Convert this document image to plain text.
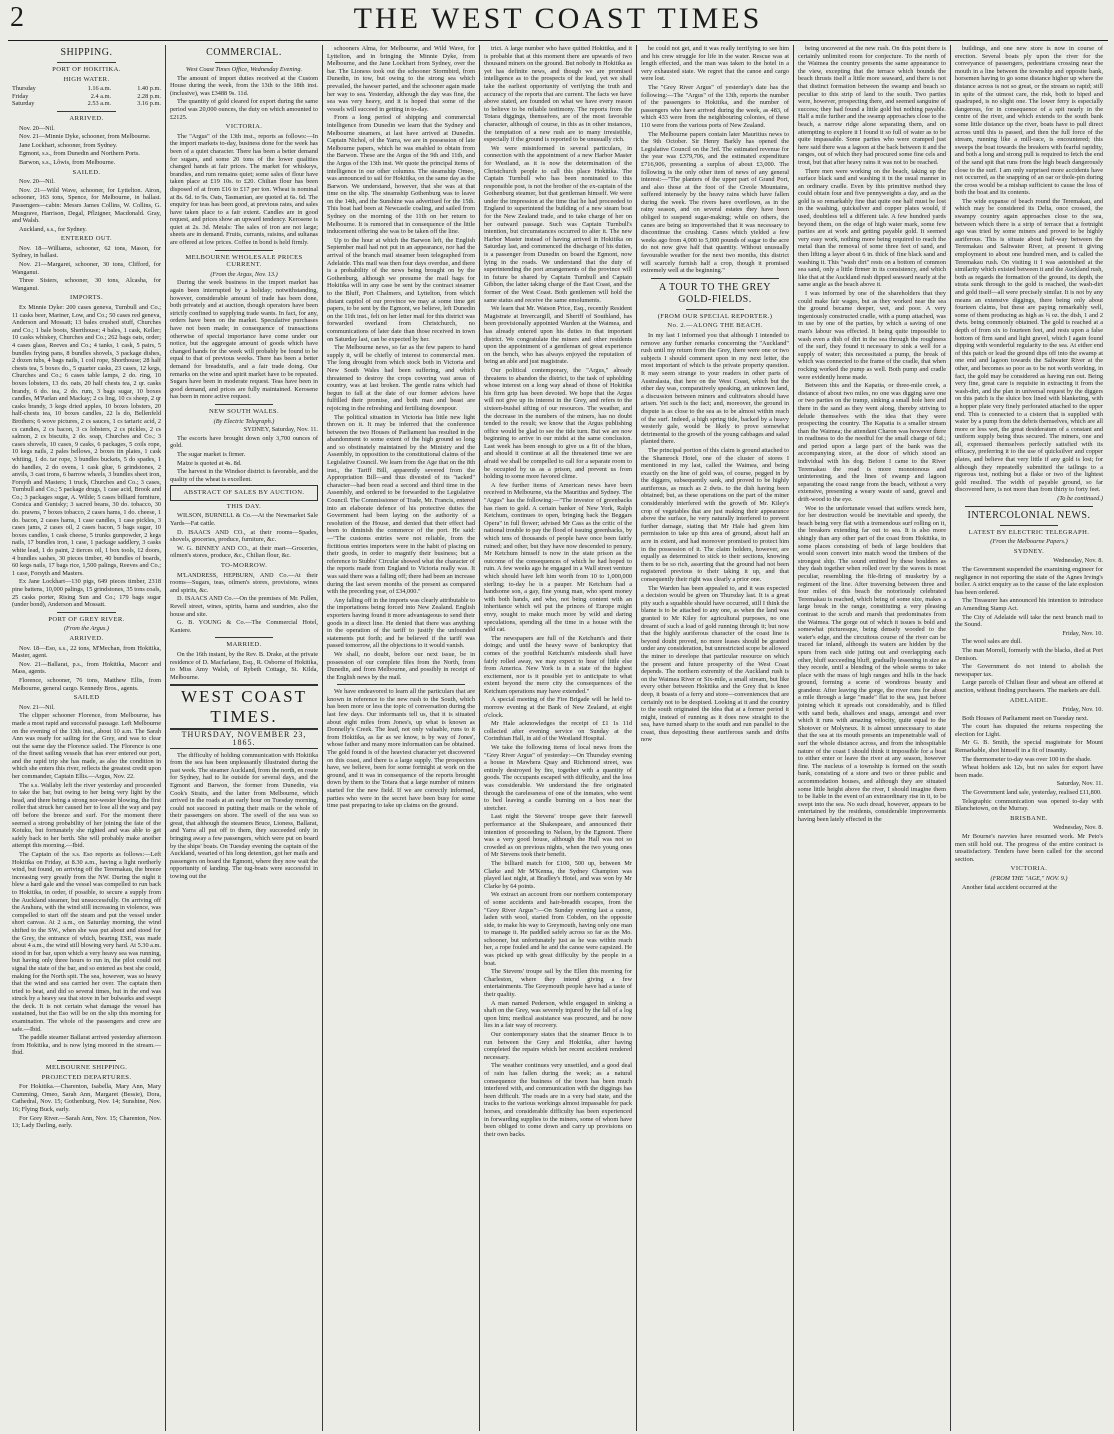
2	THE WEST COAST TIMES

SHIPPING.

PORT OF HOKITIKA.

HIGH WATER.

Thursday	1.16 a.m.	1.40 p.m.
Friday	2.4 a.m.	2.28 p.m.
Saturday	2.53 a.m.	3.16 p.m.

ARRIVED.

Nov. 20—Nil.

Nov. 21—Minnie Dyke, schooner, from Melbourne.

Jane Lockhart, schooner, from Sydney.

Egmont, s.s., from Dunedin and Northern Ports.

Barwon, s.s., Lôwis, from Melbourne.

SAILED.

Nov. 20—Nil.

Nov. 21—Wild Wave, schooner, for Lyttelton. Airon, schooner, 163 tons, Spence, for Melbourne, in ballast. Passengers—cabin: Messrs James Collins, W. Collins, G. Musgrave, Harrison, Degal, Pflzigner, Macdonald. Gray, and Walsh.

Auckland, s.s., for Sydney.

ENTERED OUT.

Nov. 18—Williams, schooner, 62 tons, Mason, for Sydney, in ballast.

Nov. 21—Margaret, schooner, 30 tons, Clifford, for Wanganui.

Three Sisters, schooner, 30 tons, Alcasha, for Wanganui.

IMPORTS.

Ex Minnie Dyke: 200 cases geneva, Turnbull and Co.; 11 casks beer, Mariner, Low, and Co.; 50 cases red geneva, Anderson and Mossatt; 13 bales crushed stuff, Churches and Co.; 1 bale boots, Sherthouse; 4 bales, 1 cask, Keller; 10 casks whiskey, Churches and Co.; 262 bags oats, order; 4 cases glass, Reeves and Co.; 4 tanks, 1 cask, 5 pairs, 5 bundles frying pans, 8 bundles shovels, 3 package dishes, 2 dozen tubs, 4 bags nails, 1 coil rope, Shorthouse; 28 half chests tea, 5 boxes do., 5 quarter casks, 23 cases, 12 kegs, Churches and Co.; 6 cases table lamps, 2 do. ring, 10 boxes lobsters, 13 do. oats, 20 half chests tea, 2 qr. casks brandy, 6 do. tea, 2 do. rum, 3 bags sugar, 10 boxes candles, M'Parlan and Mackay; 2 cs ling, 10 cs sheep, 2 qr casks brandy, 3 kegs dried apples, 10 boxes lobsters, 20 half-chests tea, 10 boxes candles, 22 ls do, Bellenfeld Brothers; 6 wove pictures, 2 cs sauces, 1 cs tartaric acid, 2 cs candies, 2 cs bacon, 3 cs lobsters, 2 cs pickles, 2 cs salmon, 2 cs biscuits, 2 do. soap, Churches and Co.; 3 cases shovels, 10 cases, 9 casks, 6 packages, 5 coils rope, 10 kegs nails, 2 pales bellows, 2 boxes tin plates, 1 cask whiting, 1 do. tar rope, 3 bundles buckets, 5 do spades, 1 do handles, 2 do ovens, 1 cask glue, 6 grindstones, 2 anvils, 3 cast irons, 6 barrow wheels, 3 bundles sheet iron, Forsyth and Masters; 1 truck, Churches and Co.; 3 cases, Turnbull and Co.; 5 package drugs, 1 case acid, Brook and Co.; 3 packages sugar, A. Wilde; 5 cases billiard furniture, Corsica and Gunisky; 3 sacred beans, 30 do. tobacco, 30 do. prawns, 7 boxes tobacco, 2 cases hams, 1 do. cheese, 1 do. bacon, 2 cases hams, 1 case candles, 1 case pickles, 3 cases jams, 2 cases oil, 2 cases bacon, 5 bags sugar, 10 boxes candles, 1 cask cheese, 5 trunks gunpowder, 2 kegs nails, 17 bundles iron, 1 case, 1 package saddlery, 3 casks white lead, 1 do paint, 2 tierces oil, 1 box tools, 12 doors, 4 bundles sashes, 30 pieces timber, 40 bundles of boards, 60 kegs nails, 17 bags rice, 1,500 palings, Reeves and Co.; 1 case, Forsyth and Masters.

Ex Jane Lockhart—130 pigs, 649 pieces timber, 2318 pine battens, 10,000 palings, 15 grindstones, 35 tons coals, 25 casks porter, Rising Sun and Co.; 179 bags sugar (under bond), Anderson and Mossatt.

PORT OF GREY RIVER.

(From the Argus.)

ARRIVED.

Nov. 18—Eso, s.s., 22 tons, M'Mechan, from Hokitika, Master, agent.

Nov. 21—Ballarat, p.s., from Hokitika, Macorr and Mass, agents.

Florence, schooner, 76 tons, Matthew Ellis, from Melbourne, general cargo. Kennedy Bros., agents.

SAILED

Nov. 21—Nil.

The clipper schooner Florence, from Melbourne, has made a most rapid and successful passage. Left Melbourne on the evening of the 13th inst., about 10 a.m. The Sarah Ann was ready for sailing for the Grey, and was to clear out the same day the Florence sailed. The Florence is one of the finest sailing vessels that has ever entered our port, and the rapid trip she has made, as also the condition in which she enters this river, reflects the greatest credit upon her commander, Captain Ellis.—Argus, Nov. 22.

The s.s. Wallaby left the river yesterday and proceeded to take the bar, but owing to her being very light by the head, and there being a strong nor-wester blowing, the first roller that struck her caused her to lose all the way and pay off before the breeze and surf. For the moment there seemed a strong probability of her joining the fate of the Kotuku, but fortunately she righted and was able to get safely back to her berth. She will probably make another attempt this morning.—Ibid.

The Captain of the s.s. Eso reports as follows:—Left Hokitika on Friday, at 8.30 a.m., having a light northerly wind, but found, on arriving off the Teremakau, the breeze increasing very greatly from the NW. During the night it blew a hard gale and the vessel was compelled to run back to Hokitika, in order, if possible, to secure a supply from the Auckland steamer, but unsuccessfully. On arriving off the Arahura, with the wind still increasing in violence, was compelled to start off the steam and put the vessel under short canvas. At 2 a.m., on Saturday morning, the wind shifted to the SW., when she was put about and stood for the Grey, the entrance of which, bearing ESE, was made about 4 a.m., the wind still blowing very hard. At 5.30 a.m. stood in for bar, upon which a very heavy sea was running, but having only three hours to run in, the pilot could not signal the state of the bar, and so entered as best she could, making for the North spit. The sea, however, was so heavy that the wind and sea carried her over. The captain then tried to beat, and did so several times, but in the end was struck by a heavy sea that stove in her bulwarks and swept the deck. It is not certain what damage the vessel has sustained, but the Eso will be on the slip this morning for examination. The whole of the passengers and crew are safe.—Ibid.

The paddle steamer Ballarat arrived yesterday afternoon from Hokitika, and is now lying moored in the stream.—Ibid.

MELBOURNE SHIPPING.

PROJECTED DEPARTURES.

For Hokitika.—Charenton, Isabella, Mary Ann, Mary Cumming, Omeo, Sarah Ann, Margaret (Bessie), Dora, Cathedral, Nov. 15; Gothenburg, Nov. 14; Sunshine, Nov. 16; Flying Buck, early.

For Grey River.—Sarah Ann, Nov. 15; Charenton, Nov. 13; Lady Darling, early.

COMMERCIAL.

West Coast Times Office, Wednesday Evening.

The amount of import duties received at the Custom House during the week, from the 13th to the 18th inst. (inclusive), was £3488 9s. 11d.

The quantity of gold cleared for export during the same period was 20,000 ounces, the duty on which amounted to £2125.

VICTORIA.

The "Argus" of the 13th inst., reports as follows:—In the import markets to-day, business done for the week has been of a quiet character. There has been a better demand for sugars, and some 20 tons of the lower qualities changed hands at fair prices. The market for whiskeys, brandies, and rum remains quiet; some sales of flour have taken place at £19 10s. to £20. Chilian flour has been disposed of at from £16 to £17 per ton. Wheat is nominal at 8s. 6d. to 9s. Oats, Tasmanian, are quoted at 6s. 6d. The enquiry for teas has been good, at previous rates, and sales have taken place to a fair extent. Candles are in good request, and prices show an upward tendency. Kerosene is quiet at 2s. 3d. Metals: The sales of iron are not large; sheets are in demand. Fruits, currants, raisins, and sultanas are offered at low prices. Coffee in bond is held firmly.

MELBOURNE WHOLESALE PRICES CURRENT.

(From the Argus, Nov. 13.)

During the week business in the import market has again been interrupted by a holiday; notwithstanding, however, considerable amount of trade has been done, both privately and at auction, though operators have been strictly confined to supplying trade wants. In fact, for any, orders have been on the market. Speculative purchases have not been made; in consequence of transactions otherwise of special importance have come under our notice, but the aggregate amount of goods which have changed hands for the week will probably be found to be equal to that of previous weeks. There has been a better demand for breadstuffs, and a fair trade doing. Our remarks on the wine and spirit market have to be repeated. Sugars have been in moderate request. Teas have been in good demand, and prices are fully maintained. Kerosene has been in more active request.

NEW SOUTH WALES.

(By Electric Telegraph.)

SYDNEY, Saturday, Nov. 11.

The escorts have brought down only 3,700 ounces of gold.

The sugar market is firmer.

Maize is quoted at 4s. 8d.

The harvest in the Windsor district is favorable, and the quality of the wheat is excellent.

ABSTRACT OF SALES BY AUCTION.

THIS DAY.

WILSON, BURNELL & Co.—At the Newmarket Sale Yards—Fat cattle.

D. ISAACS AND CO., at their rooms—Spades, shovels, groceries, produce, furniture, &c.

W. G. BINNEY AND CO., at their mart—Groceries, oilmen's stores, produce, &c., Chilian flour, &c.

TO-MORROW.

M'LANDRESS, HEPBURN, AND Co.—At their rooms—Sugars, teas, oilmen's stores, provisions, wines and spirits, &c.

D. ISAACS AND Co.—On the premises of Mr. Pullen, Revell street, wines, spirits, hams and sundries, also the house and site.

G. B. YOUNG & Co.—The Commercial Hotel, Kaniere.

MARRIED.

On the 16th instant, by the Rev. B. Drake, at the private residence of D. Macfarlane, Esq., R. Osborne of Hokitika, to Miss Amy Walsh, of Rybeth Cottage, St. Kilda, Melbourne.

WEST COAST TIMES.

THURSDAY, NOVEMBER 23, 1865.

The difficulty of holding communication with Hokitika from the sea has been unpleasantly illustrated during the past week. The steamer Auckland, from the north, en route for Sydney, had to lie outside for several days, and the Egmont and Barwon, the former from Dunedin, via Cook's Straits, and the latter from Melbourne, which arrived in the roads at an early hour on Tuesday morning, could not succeed in putting their mails or the whole of their passengers on shore. The swell of the sea was so great, that although the steamers Bruce, Lioness, Ballarat, and Yarra all put off to them, they succeeded only in bringing away a few passengers, which were put on board by the ships' boats. On Tuesday evening the captain of the Auckland, wearied of his long detention, got her mails and passengers on board the Egmont, where they now wait the opportunity of landing. The tug-boats were successful in towing out the

schooners Alma, for Melbourne, and Wild Wave, for Lyttelton, and in bringing the Minnie Dyke, from Melbourne, and the Jane Lockhart from Sydney, over the bar. The Lioness took out the schooner Stormbird, from Dunedin, in tow, but owing to the strong sea which prevailed, the hawser parted, and the schooner again made her way to sea. Yesterday, although the day was fine, the sea was very heavy, and it is hoped that some of the vessels will succeed in getting in to-day.

From a long period of shipping and commercial intelligence from Dunedin we learn that the Sydney and Melbourne steamers, at last have arrived at Dunedin. Captain Nichol, of the Yarra, we are in possession of late Melbourne papers, which he was enabled to obtain from the Barwon. These are the Argus of the 9th and 11th, and the Argus of the 13th inst. We quote the principal items of intelligence in our other columns. The steamship Omeo, was announced to sail for Hokitika, on the same day as the Barwon. We understand, however, that she was at that time on the slip. The steamship Gothenburg was to leave on the 14th, and the Sunshine was advertised for the 15th. This boat had been at Newcastle coaling, and sailed from Sydney on the morning of the 11th on her return to Melbourne. It is rumored that in consequence of the little inducement offering she was to be taken off the line.

Up to the hour at which the Barwon left, the English September mail had not put in an appearance, nor had the arrival of the branch mail steamer been telegraphed from Adelaide. This mail was then four days overdue, and there is a probability of the news being brought on by the Gothenburg, although we presume the mail bags for Hokitika will in any case be sent by the contract steamer to the Bluff, Port Chalmers, and Lyttelton, from which distant capitol of our province we may at some time get papers, to be sent by the Egmont, we believe, left Dunedin on the 11th inst., felt on her letter mail for this district was forwarded overland from Christchurch, no communications of later date than those received in town on Saturday last, can be expected by her.

The Melbourne news, so far as the few papers to hand supply it, will be chiefly of interest to commercial men. The long drought from which stock both in Victoria and New South Wales had been suffering, and which threatened to destroy the crops covering vast areas of country, was at last broken. The gentle rains which had begun to fall at the date of our former advices have fulfilled their promise, and both man and beast are rejoicing in the refreshing and fertilising downpour.

The political situation in Victoria has little new light thrown on it. It may be inferred that the conference between the two Houses of Parliament has resulted in the abandonment to some extent of the high ground so long and so obstinately maintained by the Ministry and the Assembly, in opposition to the constitutional claims of the Legislative Council. We learn from the Age that on the 8th inst., the Tariff Bill, apparently severed from the Appropriation Bill—and thus divested of its "tacked" character—had been read a second and third time in the Assembly, and ordered to be forwarded to the Legislative Council. The Commissioner of Trade, Mr. Francis, entered into an elaborate defence of his protective duties the Government had been laying on the authority of a resolution of the House, and denied that their effect had been to diminish the commerce of the port. He said:—"The customs entries were not reliable, from the fictitious entries importers were in the habit of placing on their goods, in order to magnify their business; but a reference to Stubbs' Circular showed what the character of the reports made from England to Victoria really was. It was said there was a falling off; there had been an increase during the last seven months of the present as compared with the preceding year, of £34,000."

Any falling off in the imports was clearly attributable to the importations being forced into New Zealand. English exporters having found it more advantageous to send their goods in a direct line. He denied that there was anything in the operation of the tariff to justify the unfounded statements put forth; and he believed if the tariff was passed tomorrow, all the objections to it would vanish.

We shall, no doubt, before our next issue, be in possession of our complete files from the North, from Dunedin, and from Melbourne, and possibly in receipt of the English news by the mail.

We have endeavored to learn all the particulars that are known in reference to the new rush to the South, which has been more or less the topic of conversation during the last few days. Our informants tell us, that it is situated about eight miles from Jones's, up what is known as Donnelly's Creek. The lead, not only valuable, runs to it from Hokitika, as far as we know, is by way of Jones', whose father and many more information can be obtained. The gold found is of the heaviest character yet discovered on this coast, and there is a large supply. The prospectors have, we believe, been for some fortnight at work on the ground, and it was in consequence of the reports brought down by them to the Totara that a large number of miners started for the new field. If we are correctly informed, parties who were in the secret have been busy for some time past preparing to take up claims on the ground.

trict. A large number who have quitted Hokitika, and it is probable that at this moment there are upwards of two thousand miners on the ground. But nobody in Hokitika as yet has definite news, and though we are promised intelligence as to the prospects of the lead, yet we shall take the earliest opportunity of verifying the truth and accuracy of the reports that are current. The facts we have above stated, are founded on what we have every reason to believe to be reliable testimony. The reports from the Totara diggings, themselves, are of the most favorable character, although of course, in this as in other instances, the temptation of a new rush are to many irresistible, especially if the ground is reported to be unusually rich.

We were misinformed in several particulars, in connection with the appointment of a new Harbor Master for Westland, as it is now the determination of the Christchurch people to call this place Hokitika. The Captain Turnbull who has been nominated to this responsible post, is not the brother of the ex-captain of the Gothenburg steamer, but that gentleman himself. We were under the impression at the time that he had proceeded to England to superintend the building of a new steam boat for the New Zealand trade, and to take charge of her on her outward passage. Such was Captain Turnbull's intention, but circumstances occurred to alter it. The new Harbor Master instead of having arrived in Hokitika on Saturday last, and commenced the discharge of his duties, is a passenger from Dunedin on board the Egmont, now lying in the roads. We understand that the duty of superintending the port arrangements of the province will in future be shared by Captain Turnbull and Captain Gibbon, the latter taking charge of the East Coast, and the former of the West Coast. Both gentlemen will hold the same status and receive the same emoluments.

We learn that Mr. Watson Price, Esq., recently Resident Magistrate at Invercargill, and Sheriff of Southland, has been provisionally appointed Warden at the Waimea, and has already entered upon his duties in that important district. We congratulate the miners and other residents upon the appointment of a gentleman of great experience on the bench, who has always enjoyed the reputation of being an able and just magistrate.

Our political contemporary, the "Argus," already threatens to abandon the district, to the task of upholding whose interest on a long way ahead of those of Hokitika his firm grip has been devoted. We hope that the Argus will not give up its interest in the Grey, and refers to the sixteen-bushel sifting of our resources. The weather, and the decrease in the numbers of the miners, has no doubt tended to the result; we know that the Argus publishing office would be glad to see the tide turn. But we are now beginning to arrive in our midst at the same conclusion. Last week has been enough to give us a fit of the blues, and should it continue at all the threatened time we are afraid we shall be compelled to call for a separate room to be occupied by us as a prison, and prevent us from holding to some more favored clime.

A few further items of American news have been received in Melbourne, via the Mauritius and Sydney. The "Argus" has the following:—"The investor of greenbacks has risen to gold. A certain banker of New York, Ralph Ketchum, continues to open, bringing back the Beggars Opera" in full flower; advised Mr Cass as the critic of the national trouble to pay the flood of issuing greenbacks, by which tens of thousands of people have once been fairly ruined; and other, but they have now descended to penury. Mr Ketchum himself is now in the state prison as the outcome of the consequences of which he had hoped to ruin. A few weeks ago he engaged in a Wall street venture which should have left him worth from 10 to 1,000,000 sterling; to-day he is a pauper. Mr Ketchum had a handsome son, a gay, fine young man, who spent money with both hands, and who, not being content with an inheritance which wil put the princes of Europe might envy, sought to make much more by wild and daring speculations, spending all the time in a house with the wild cat.

The newspapers are full of the Ketchum's and their doings; and until the heavy wave of bankruptcy that comes of the youthful Ketchum's misdeeds shall have fairly rolled away, we may expect to hear of little else from America. New York is in a state of the highest excitement, nor is it possible yet to anticipate to what extent beyond the mere city the consequences of the Ketchum operations may have extended."

A special meeting of the Fire Brigade will be held to-morrow evening at the Bank of New Zealand, at eight o'clock.

Mr Hale acknowledges the receipt of £1 1s 11d collected after evening service on Sunday at the Corinthian Hall, in aid of the Westland Hospital.

We take the following items of local news from the "Grey River Argus" of yesterday:—On Thursday evening a house in Mawhera Quay and Richmond street, was entirely destroyed by fire, together with a quantity of goods. The occupants escaped with difficulty, and the loss was considerable. We understand the fire originated through the carelessness of one of the inmates, who went to bed leaving a candle burning on a box near the stretcher.

Last night the Stevens' troupe gave their farewell performance at the Shakespeare, and announced their intention of proceeding to Nelson, by the Egmont. There was a very good house, although the Hall was not so crowded as on previous nights, when the two young ones of Mr Stevens took their benefit.

The billiard match for £100, 500 up, between Mr Clarke and Mr M'Kenna, the Sydney Champion was played last night, at Bradley's Hotel, and was won by Mr Clarke by 64 points.

We extract an account from our northern contemporary of some accidents and hair-breadth escapes, from the "Grey River Argus":—On Sunday evening last a canoe, laden with wool, started from Cobden, on the opposite side, to make his way to Greymouth, having only one man to manage it. He paddled safely across so far as the Mo. schooner, but unfortunately just as he was within reach her, a rope fouled and he and the canoe were capsized. He was picked up with great difficulty by the people in a boat.

The Stevens' troupe sail by the Ellen this morning for Charleston, where they intend giving a few entertainments. The Greymouth people have had a taste of their quality.

A man named Pederson, while engaged in sinking a shaft on the Grey, was severely injured by the fall of a log upon him; medical assistance was procured, and he now lies in a fair way of recovery.

Our contemporary states that the steamer Bruce is to run between the Grey and Hokitika, after having completed the repairs which her recent accident rendered necessary.

The weather continues very unsettled, and a good deal of rain has fallen during the week; as a natural consequence the business of the town has been much interfered with, and communication with the diggings has been difficult. The roads are in a very bad state, and the tracks to the various workings almost impassable for pack horses, and considerable difficulty has been experienced in forwarding supplies to the miners, some of whom have been obliged to come down and carry up provisions on their own backs.

he could not get, and it was really terrifying to see him and his crew struggle for life in the water. Rescue was at length effected, and the man was taken to the hotel in a very exhausted state. We regret that the canoe and cargo were lost.

The "Grey River Argus" of yesterday's date has the following:—The "Argus" of the 13th, reports the number of the passengers to Hokitika, and the number of passengers who have arrived during the week, as 483, of which 433 were from the neighbouring colonies, of these 110 were from the various ports of New Zealand.

The Melbourne papers contain later Mauritius news to the 9th October. Sir Henry Barkly has opened the Legislative Council on the 3rd. The estimated revenue for the year was £379,706, and the estimated expenditure £716,906, presenting a surplus of about £3,000. The following is the only other item of news of any general interest:—"The planters of the upper part of Grand Port, and also those at the foot of the Creole Mountains, suffered intensely by the heavy rains which have fallen during the week. The rivers have overflown, as in the rainy season, and on several estates they have been obliged to suspend sugar-making; while on others, the canes are being so impoverished that it was necessary to discontinue the crushing. Canes which yielded a few weeks ago from 4,000 to 5,000 pounds of sugar to the acre do not now give half that quantity. Without unusually favourable weather for the next two months, this district will scarcely furnish half a crop, though it promised extremely well at the beginning."

A TOUR TO THE GREY GOLD-FIELDS.

(FROM OUR SPECIAL REPORTER.)

No. 2.—ALONG THE BEACH.

In my last I informed you that although I intended to remove any further remarks concerning the "Auckland" rush until my return from the Grey, there were one or two subjects I should comment upon in my next letter, the most important of which is the private property question. It may seem strange to your readers in other parts of Australasia, that here on the West Coast, which but the other day was, comparatively speaking, an unknown land, a discussion between miners and cultivators should have arisen. Yet such is the fact; and, moreover, the ground in dispute is as close to the sea as to be almost within reach of the surf. Indeed, a high spring tide, backed by a heavy westerly gale, would be likely to prove somewhat detrimental to the growth of the young cabbages and salad planted there.

The principal portion of this claim is ground attached to the Shamrock Hotel, one of the cluster of stores I mentioned in my last, called the Waimea, and being exactly on the line of gold was, of course, pegged in by the diggers, subsequently sank, and proved to be highly auriferous, as much as 2 dwts. to the dish having been obtained; but, as these operations on the part of the miner considerably interfered with the growth of Mr. Kiley's crop of vegetables that are just making their appearance above the surface, he very naturally interfered to prevent further damage, stating that Mr Hale had given him permission to take up this area of ground, about half an acre in extent, and had moreover promised to protect him in the possession of it. The claim holders, however, are equally as determined to stick to their sections, knowing them to be so rich, asserting that the ground had not been registered previous to their taking it up, and that consequently their right was clearly a prior one.

The Warden has been appealed to, and it was expected a decision would be given on Thursday last. It is a great pity such a squabble should have occurred, still I think the blame is to be attached to any one, as when the land was granted to Mr Kiley for agricultural purposes, no one dreamt of such a load of gold running through it; but now that the highly auriferous character of the coast line is beyond doubt proved, no more leases should be granted under any consideration, but unrestricted scope be allowed the miner to develope that particular resource on which the present and future prosperity of the West Coast depends. The northern extremity of the Auckland rush is on the Waimea River or Six-mile, a small stream, but like every other between Hokitika and the Grey that is knee deep, it boasts of a ferry and store—conveniences that are certainly not to be despised. Looking at it and the country to the south originated the idea that at a former period it might, instead of running as it does now straight to the sea, have turned sharp to the south and run parallel to the coast, thus depositing these auriferous sands and drifts now

being uncovered at the new rush. On this point there is certainly unlimited room for conjecture. To the north of the Waimea the country presents the same appearance to the view, excepting that the terrace which bounds the beach thrusts itself a little more seaward, and there is not that distinct formation between the swamp and beach so peculiar to this strip of land to the south. Two parties were, however, prospecting there, and seemed sanguine of success; they had found a little gold but nothing payable. Half a mile further and the swamp approaches close to the beach, a narrow ridge alone separating them, and on attempting to explore it I found it so full of water as to be quite impassable. Some parties who were cramped just here said there was a lagoon at the back between it and the ranges, out of which they had procured some fine cels and trout, but that after heavy rains it was not to be reached.

There men were working on the beach, taking up the surface black sand and washing it in the usual manner in an ordinary cradle. Even by this primitive method they could obtain four and five pennyweights a day, and as the gold is so remarkably fine that quite one half must be lost in the washing, quicksilver and copper plates would, if used, doubtless tell a different tale. A few hundred yards beyond them, on the edge of high water mark, some few parties are at work and getting payable gold. It seemed very easy work, nothing more being required to reach the metal than the removal of some three feet of sand, and then lifting a layer about 6 in. thick of fine black sand and washing it. This "wash dirt" rests on a bottom of common sea sand, only a little firmer in its consistency, and which like that at the Auckland rush dipped seaward nearly at the same angle as the beach above it.

I was informed by one of the shareholders that they could make fair wages, but as they worked near the sea the ground became deeper, wet, and poor. A very ingeniously constructed cradle, with a pump attached, was in use by one of the parties, by which a saving of one man's labour was effected. It being quite impossible to wash even a dish of dirt in the sea through the roughness of the surf, they found it necessary to sink a well for a supply of water; this necessitated a pump, the break of which was connected to the frame of the cradle, that when rocking worked the pump as well. Both pump and cradle were evidently home made.

Between this and the Kapatia, or three-mile creek, a distance of about two miles, no one was digging save one or two parties on the tramp, sinking a small hole here and there in the sand as they went along, thereby striving to delude themselves with the idea that they were prospecting the country. The Kapatia is a smaller stream than the Waimea; the attendant Charon was however there in readiness to do the needful for the small charge of 6d.; and period upon a large part of the bank was the accompanying store, at the door of which stood an individual with his dog. Before I came to the River Teremakau the road is more monotonous and uninteresting, and the lines of swamp and lagoon separating the coast range from the beach, without a very extensive, presenting a weary waste of sand, gravel and drift-wood to the eye.

Woe to the unfortunate vessel that suffers wreck here, for her destruction would be inevitable and speedy, the beach being very flat with a tremendous surf rolling on it, the breakers extending far out to sea. It is also more shingly than any other part of the coast from Hokitika, in some places consisting of beds of large boulders that would soon convert into match wood the timbers of the strongest ship. The sound emitted by these boulders as they dash together when rolled over by the waves is most peculiar, resembling the file-firing of musketry by a regiment of the line. After traversing between three and four miles of this beach the notoriously celebrated Teremakau is reached, which being of some size, makes a large break in the range, constituting a very pleasing contrast to the scrub and marsh that predominates from the Waimea. The gorge out of which it issues is bold and somewhat picturesque, being densely wooded to the water's edge, and the circuitous course of the river can be traced far inland, although its waters are hidden by the spurs from each side jutting out and overlapping each other, bluff succeeding bluff, gradually lessening in size as they recede, until a blending of the whole seems to take place with the mass of high ranges and hills in the back ground, forming a scene of wondrous beauty and grandeur. After leaving the gorge, the river runs for about a mile through a large "made" flat to the sea, just before joining which it spreads out considerably, and is filled with sand beds, shallows and snags, amongst and over which it runs with amazing velocity, quite equal to the Shotover or Molyneux. It is almost unnecessary to state that the sea at its mouth presents an impenetrable wall of surf the whole distance across, and from the inhospitable nature of the coast I should think it impossible for a boat to either enter or leave the river at any season, however fine. The nucleus of a township is formed on the south bank, consisting of a store and two or three public and accommodation houses, and although they are situated some little height above the river, I should imagine them to be liable in the event of an extraordinary rise in it, to be swept into the sea. No such dread, however, appears to be entertained by the residents, considerable improvements having been lately effected in the

buildings, and one new store is now in course of erection. Several boats ply upon the river for the conveyance of passengers, pedestrians crossing near the mouth in a line between the township and opposite bank, horsemen having to go some distance higher up where the distance across is not so great, or the stream so rapid; still in spite of the utmost care, the risk, both to biped and quadruped, is no slight one. The lower ferry is especially dangerous, for in consequence of a spit nearly in the centre of the river, and which extends to the south bank some little distance up the river, boats have to pull direct across until this is passed, and then the full force of the stream, running like a mill-race, is encountered; this sweeps the boat towards the breakers with fearful rapidity, and both a long and strong pull is required to fetch the end of the sand spit that runs from the high beach dangerously close to the surf. I am only surprised more accidents have not occurred, as the snapping of an oar or thole-pin during the cross would be a mishap sufficient to cause the loss of both the boat and its contents.

The wide expanse of beach round the Teremakau, and which may be considered its Delta, once crossed, the swampy country again approaches close to the sea, between which there is a strip of terrace that a fortnight ago was tried by some miners and proved to be highly auriferous. This is situate about half-way between the Teremakau and Saltwater River, at present it giving employment to about one hundred men, and is called the Teremakau rush. On visiting it I was astonished at the similarity which existed between it and the Auckland rush, both as regards the formation of the ground, its depth, the strata sunk through to the gold is reached, the wash-dirt and gold itself—all were precisely similar. It is not by any means an extensive diggings, there being only about fourteen claims, but these are paying remarkably well, some of them producing as high as ¼ oz. the dish, 1 and 2 dwts. being commonly obtained. The gold is reached at a depth of from six to fourteen feet, and rests upon a false bottom of firm sand and light gravel, which I again found dipping with wonderful regularity to the sea. At either end of this patch or lead the ground dips off into the swamp at one end and lagoon towards the Saltwater River at the other, and becomes so poor as to be not worth working, in fact, the gold may be considered as having run out. Being very fine, great care is requisite in extracting it from the wash-dirt, and the plan in universal request by the diggers on this patch is the sluice box lined with blanketing, with a hopper plate very finely perforated attached to the upper end. This is connected to a cistern that is supplied with water by a pump from the debris themselves, which are all more or less wet, the great desideratum of a constant and uniform supply being thus secured. The miners, one and all, expressed themselves perfectly satisfied with its efficacy, preferring it to the use of quicksilver and copper plates, and believe that very little if any gold is lost; for although they repeatedly submitted the tailings to a rigorous test, nothing but a flake or two of the lightest gold resulted. The width of payable ground, so far discovered here, is not more than from thirty to forty feet.

(To be continued.)

INTERCOLONIAL NEWS.

LATEST BY ELECTRIC TELEGRAPH.

(From the Melbourne Papers.)

SYDNEY.

Wednesday, Nov. 8.

The Government suspended the examining engineer for negligence in not reporting the state of the Agnes Irving's boiler. A strict enquiry as to the cause of the late explosion has been ordered.

The Treasurer has announced his intention to introduce an Amending Stamp Act.

The City of Adelaide will take the next branch mail to the Sound.

Friday, Nov. 10.

The wool sales are dull.

The man Morrell, formerly with the blacks, died at Port Denison.

The Government do not intend to abolish the newspaper tax.

Large parcels of Chilian flour and wheat are offered at auction, without finding purchasers. The markets are dull.

ADELAIDE.

Friday, Nov. 10.

Both Houses of Parliament meet on Tuesday next.

The court has disputed the returns respecting the election for Light.

Mr G. B. Smith, the special magistrate for Mount Remarkable, shot himself in a fit of insanity.

The thermometer to-day was over 100 in the shade.

Wheat holders ask 12s, but no sales for export have been made.

Saturday, Nov. 11.

The Government land sale, yesterday, realised £11,800.

Telegraphic communication was opened to-day with Blanchetown, on the Murray.

BRISBANE.

Wednesday, Nov. 8.

Mr Bourne's navvies have resumed work. Mr Peto's men still hold out. The progress of the entire contract is unsatisfactory. Tenders have been called for the second section.

VICTORIA.

(FROM THE "AGE," NOV. 9.)

Another fatal accident occurred at the
